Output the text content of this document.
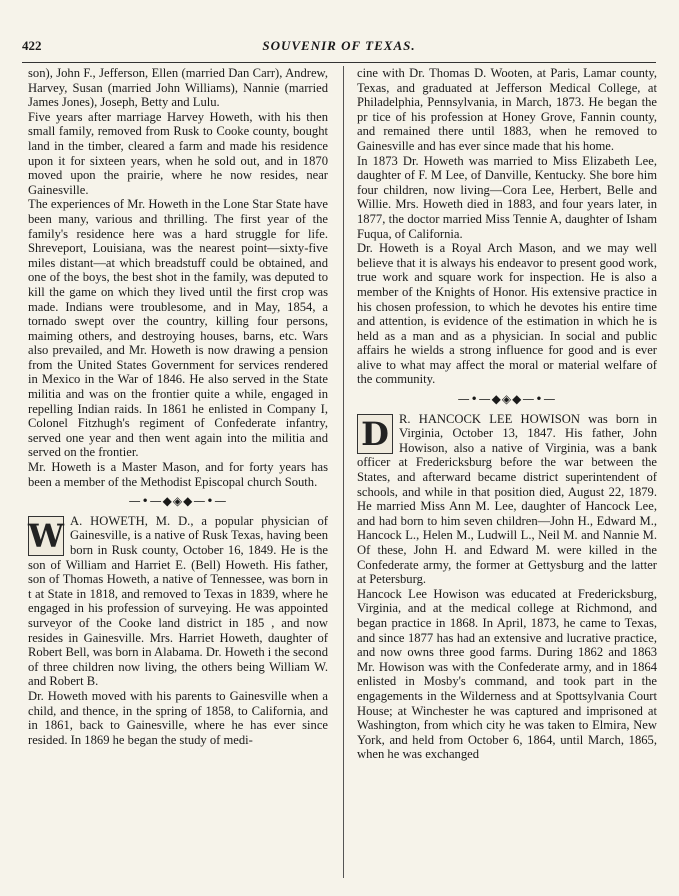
422	SOUVENIR OF TEXAS.

son), John F., Jefferson, Ellen (married Dan Carr), Andrew, Harvey, Susan (married John Williams), Nannie (married James Jones), Joseph, Betty and Lulu.

Five years after marriage Harvey Howeth, with his then small family, removed from Rusk to Cooke county, bought land in the timber, cleared a farm and made his residence upon it for sixteen years, when he sold out, and in 1870 moved upon the prairie, where he now resides, near Gainesville.

The experiences of Mr. Howeth in the Lone Star State have been many, various and thrilling. The first year of the family's residence here was a hard struggle for life. Shreveport, Louisiana, was the nearest point—sixty-five miles distant—at which breadstuff could be obtained, and one of the boys, the best shot in the family, was deputed to kill the game on which they lived until the first crop was made. Indians were troublesome, and in May, 1854, a tornado swept over the country, killing four persons, maiming others, and destroying houses, barns, etc. Wars also prevailed, and Mr. Howeth is now drawing a pension from the United States Government for services rendered in Mexico in the War of 1846. He also served in the State militia and was on the frontier quite a while, engaged in repelling Indian raids. In 1861 he enlisted in Company I, Colonel Fitzhugh's regiment of Confederate infantry, served one year and then went again into the militia and served on the frontier.

Mr. Howeth is a Master Mason, and for forty years has been a member of the Methodist Episcopal church South.

—•—◆◈◆—•—

W A. HOWETH, M. D., a popular physician of Gainesville, is a native of Rusk Texas, having been born in Rusk county, October 16, 1849. He is the son of William and Harriet E. (Bell) Howeth. His father, son of Thomas Howeth, a native of Tennessee, was born in t at State in 1818, and removed to Texas in 1839, where he engaged in his profession of surveying. He was appointed surveyor of the Cooke land district in 185 , and now resides in Gainesville. Mrs. Harriet Howeth, daughter of Robert Bell, was born in Alabama. Dr. Howeth i the second of three children now living, the others being William W. and Robert B.

Dr. Howeth moved with his parents to Gainesville when a child, and thence, in the spring of 1858, to California, and in 1861, back to Gainesville, where he has ever since resided. In 1869 he began the study of medi-

cine with Dr. Thomas D. Wooten, at Paris, Lamar county, Texas, and graduated at Jefferson Medical College, at Philadelphia, Pennsylvania, in March, 1873. He began the pr tice of his profession at Honey Grove, Fannin county, and remained there until 1883, when he removed to Gainesville and has ever since made that his home.

In 1873 Dr. Howeth was married to Miss Elizabeth Lee, daughter of F. M Lee, of Danville, Kentucky. She bore him four children, now living—Cora Lee, Herbert, Belle and Willie. Mrs. Howeth died in 1883, and four years later, in 1877, the doctor married Miss Tennie A, daughter of Isham Fuqua, of California.

Dr. Howeth is a Royal Arch Mason, and we may well believe that it is always his endeavor to present good work, true work and square work for inspection. He is also a member of the Knights of Honor. His extensive practice in his chosen profession, to which he devotes his entire time and attention, is evidence of the estimation in which he is held as a man and as a physician. In social and public affairs he wields a strong influence for good and is ever alive to what may affect the moral or material welfare of the community.

—•—◆◈◆—•—

D R. HANCOCK LEE HOWISON was born in Virginia, October 13, 1847. His father, John Howison, also a native of Virginia, was a bank officer at Fredericksburg before the war between the States, and afterward became district superintendent of schools, and while in that position died, August 22, 1879. He married Miss Ann M. Lee, daughter of Hancock Lee, and had born to him seven children—John H., Edward M., Hancock L., Helen M., Ludwill L., Neil M. and Nannie M. Of these, John H. and Edward M. were killed in the Confederate army, the former at Gettysburg and the latter at Petersburg.

Hancock Lee Howison was educated at Fredericksburg, Virginia, and at the medical college at Richmond, and began practice in 1868. In April, 1873, he came to Texas, and since 1877 has had an extensive and lucrative practice, and now owns three good farms. During 1862 and 1863 Mr. Howison was with the Confederate army, and in 1864 enlisted in Mosby's command, and took part in the engagements in the Wilderness and at Spottsylvania Court House; at Winchester he was captured and imprisoned at Washington, from which city he was taken to Elmira, New York, and held from October 6, 1864, until March, 1865, when he was exchanged
